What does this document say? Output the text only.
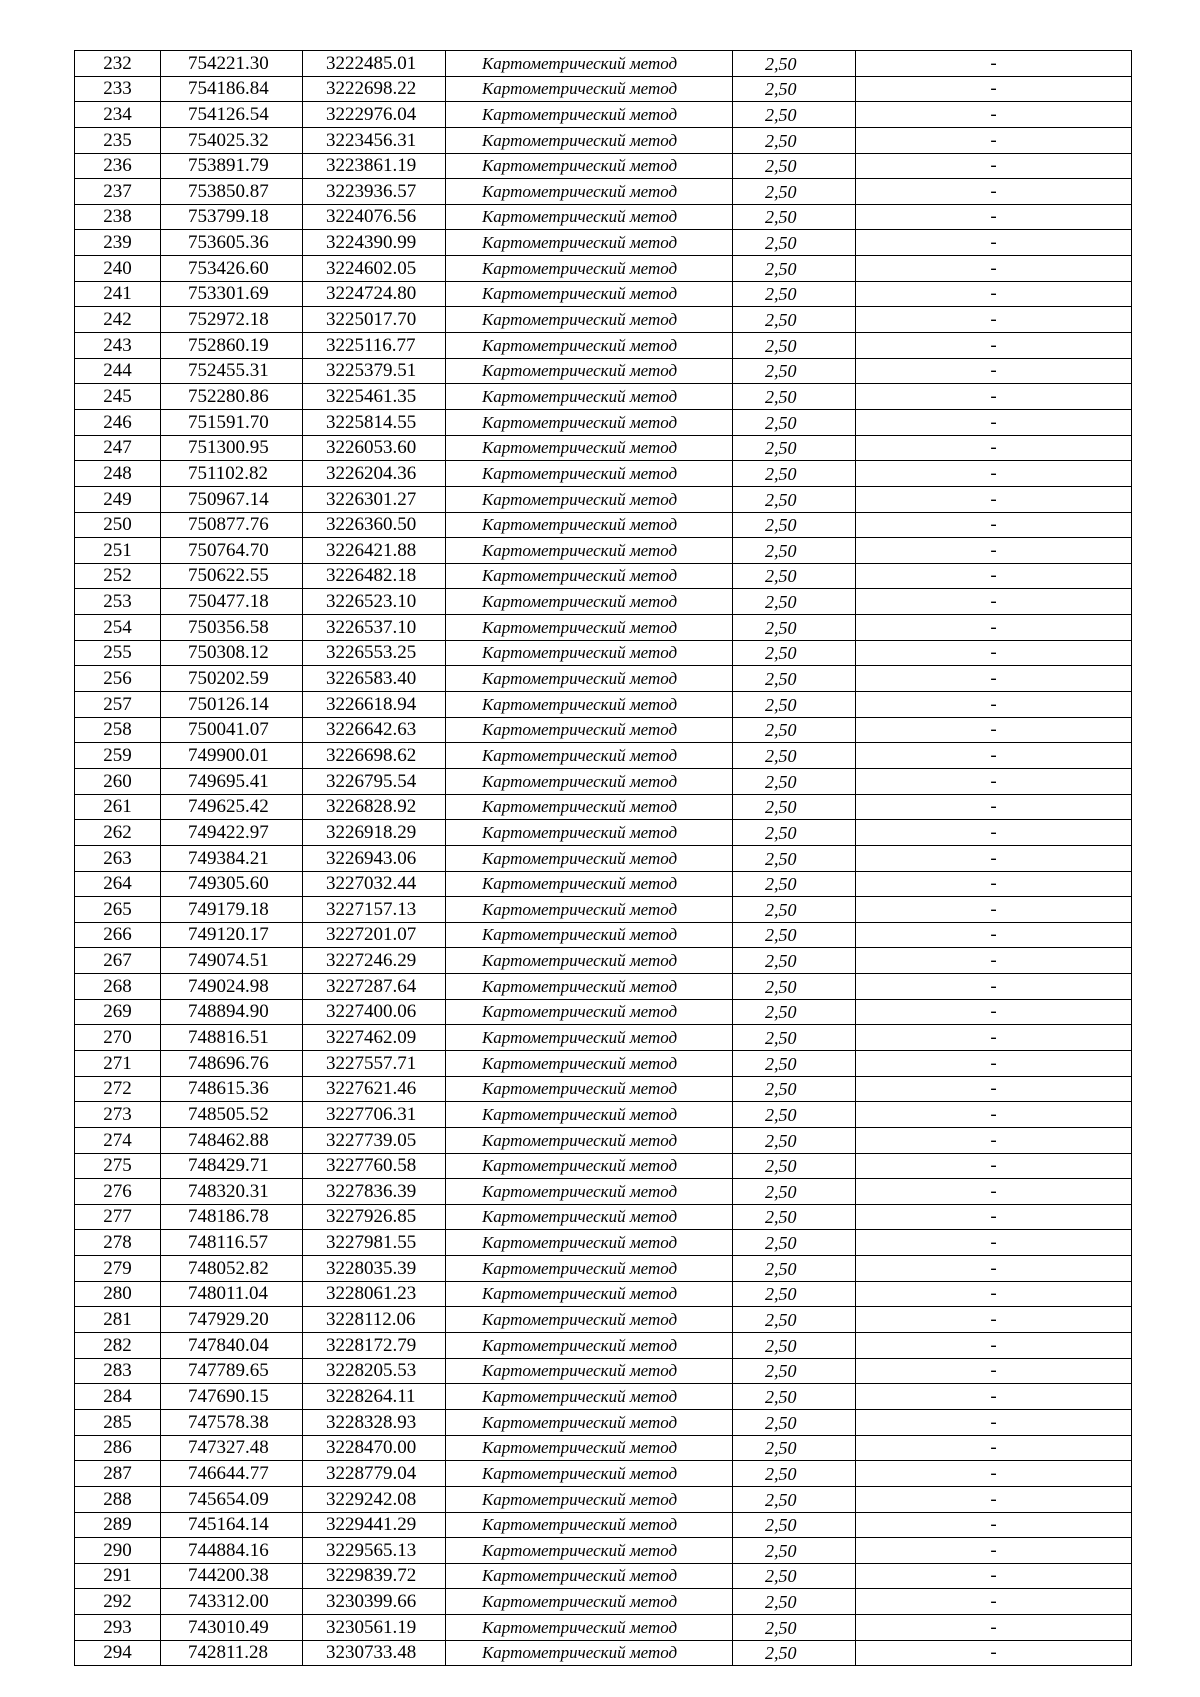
232	754221.30	3222485.01	Картометрический метод	2,50	-
233	754186.84	3222698.22	Картометрический метод	2,50	-
234	754126.54	3222976.04	Картометрический метод	2,50	-
235	754025.32	3223456.31	Картометрический метод	2,50	-
236	753891.79	3223861.19	Картометрический метод	2,50	-
237	753850.87	3223936.57	Картометрический метод	2,50	-
238	753799.18	3224076.56	Картометрический метод	2,50	-
239	753605.36	3224390.99	Картометрический метод	2,50	-
240	753426.60	3224602.05	Картометрический метод	2,50	-
241	753301.69	3224724.80	Картометрический метод	2,50	-
242	752972.18	3225017.70	Картометрический метод	2,50	-
243	752860.19	3225116.77	Картометрический метод	2,50	-
244	752455.31	3225379.51	Картометрический метод	2,50	-
245	752280.86	3225461.35	Картометрический метод	2,50	-
246	751591.70	3225814.55	Картометрический метод	2,50	-
247	751300.95	3226053.60	Картометрический метод	2,50	-
248	751102.82	3226204.36	Картометрический метод	2,50	-
249	750967.14	3226301.27	Картометрический метод	2,50	-
250	750877.76	3226360.50	Картометрический метод	2,50	-
251	750764.70	3226421.88	Картометрический метод	2,50	-
252	750622.55	3226482.18	Картометрический метод	2,50	-
253	750477.18	3226523.10	Картометрический метод	2,50	-
254	750356.58	3226537.10	Картометрический метод	2,50	-
255	750308.12	3226553.25	Картометрический метод	2,50	-
256	750202.59	3226583.40	Картометрический метод	2,50	-
257	750126.14	3226618.94	Картометрический метод	2,50	-
258	750041.07	3226642.63	Картометрический метод	2,50	-
259	749900.01	3226698.62	Картометрический метод	2,50	-
260	749695.41	3226795.54	Картометрический метод	2,50	-
261	749625.42	3226828.92	Картометрический метод	2,50	-
262	749422.97	3226918.29	Картометрический метод	2,50	-
263	749384.21	3226943.06	Картометрический метод	2,50	-
264	749305.60	3227032.44	Картометрический метод	2,50	-
265	749179.18	3227157.13	Картометрический метод	2,50	-
266	749120.17	3227201.07	Картометрический метод	2,50	-
267	749074.51	3227246.29	Картометрический метод	2,50	-
268	749024.98	3227287.64	Картометрический метод	2,50	-
269	748894.90	3227400.06	Картометрический метод	2,50	-
270	748816.51	3227462.09	Картометрический метод	2,50	-
271	748696.76	3227557.71	Картометрический метод	2,50	-
272	748615.36	3227621.46	Картометрический метод	2,50	-
273	748505.52	3227706.31	Картометрический метод	2,50	-
274	748462.88	3227739.05	Картометрический метод	2,50	-
275	748429.71	3227760.58	Картометрический метод	2,50	-
276	748320.31	3227836.39	Картометрический метод	2,50	-
277	748186.78	3227926.85	Картометрический метод	2,50	-
278	748116.57	3227981.55	Картометрический метод	2,50	-
279	748052.82	3228035.39	Картометрический метод	2,50	-
280	748011.04	3228061.23	Картометрический метод	2,50	-
281	747929.20	3228112.06	Картометрический метод	2,50	-
282	747840.04	3228172.79	Картометрический метод	2,50	-
283	747789.65	3228205.53	Картометрический метод	2,50	-
284	747690.15	3228264.11	Картометрический метод	2,50	-
285	747578.38	3228328.93	Картометрический метод	2,50	-
286	747327.48	3228470.00	Картометрический метод	2,50	-
287	746644.77	3228779.04	Картометрический метод	2,50	-
288	745654.09	3229242.08	Картометрический метод	2,50	-
289	745164.14	3229441.29	Картометрический метод	2,50	-
290	744884.16	3229565.13	Картометрический метод	2,50	-
291	744200.38	3229839.72	Картометрический метод	2,50	-
292	743312.00	3230399.66	Картометрический метод	2,50	-
293	743010.49	3230561.19	Картометрический метод	2,50	-
294	742811.28	3230733.48	Картометрический метод	2,50	-
